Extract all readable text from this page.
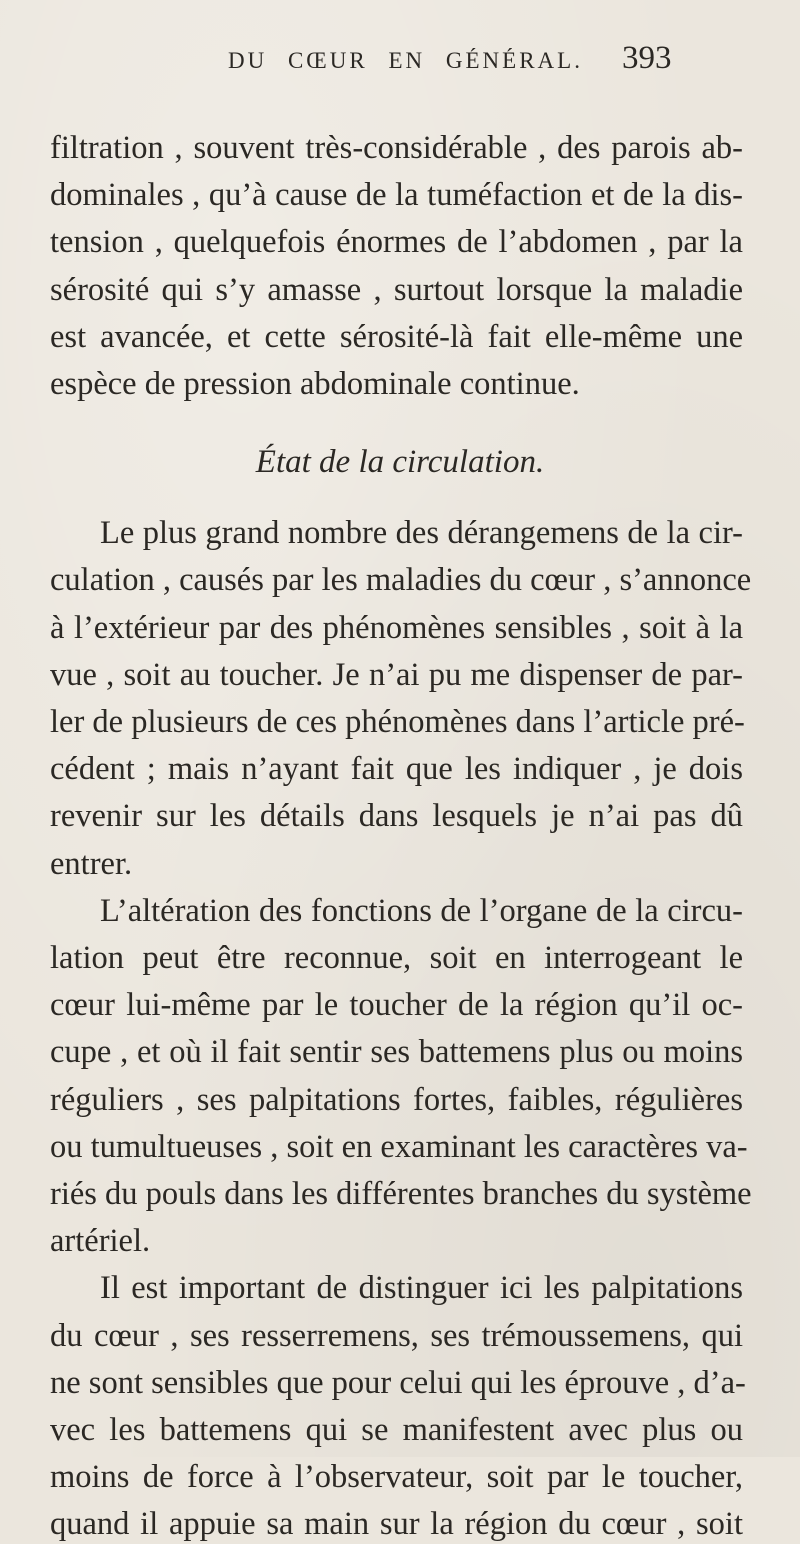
DU CŒUR EN GÉNÉRAL. 393
filtration , souvent très-considérable , des parois ab-
dominales , qu’à cause de la tuméfaction et de la dis-
tension , quelquefois énormes de l’abdomen , par la
sérosité qui s’y amasse , surtout lorsque la maladie
est avancée, et cette sérosité-là fait elle-même une
espèce de pression abdominale continue.
État de la circulation.
Le plus grand nombre des dérangemens de la cir-
culation , causés par les maladies du cœur , s’annonce
à l’extérieur par des phénomènes sensibles , soit à la
vue , soit au toucher. Je n’ai pu me dispenser de par-
ler de plusieurs de ces phénomènes dans l’article pré-
cédent ; mais n’ayant fait que les indiquer , je dois
revenir sur les détails dans lesquels je n’ai pas dû
entrer.
L’altération des fonctions de l’organe de la circu-
lation peut être reconnue, soit en interrogeant le
cœur lui-même par le toucher de la région qu’il oc-
cupe , et où il fait sentir ses battemens plus ou moins
réguliers , ses palpitations fortes, faibles, régulières
ou tumultueuses , soit en examinant les caractères va-
riés du pouls dans les différentes branches du système
artériel.
Il est important de distinguer ici les palpitations
du cœur , ses resserremens, ses trémoussemens, qui
ne sont sensibles que pour celui qui les éprouve , d’a-
vec les battemens qui se manifestent avec plus ou
moins de force à l’observateur, soit par le toucher,
quand il appuie sa main sur la région du cœur , soit
